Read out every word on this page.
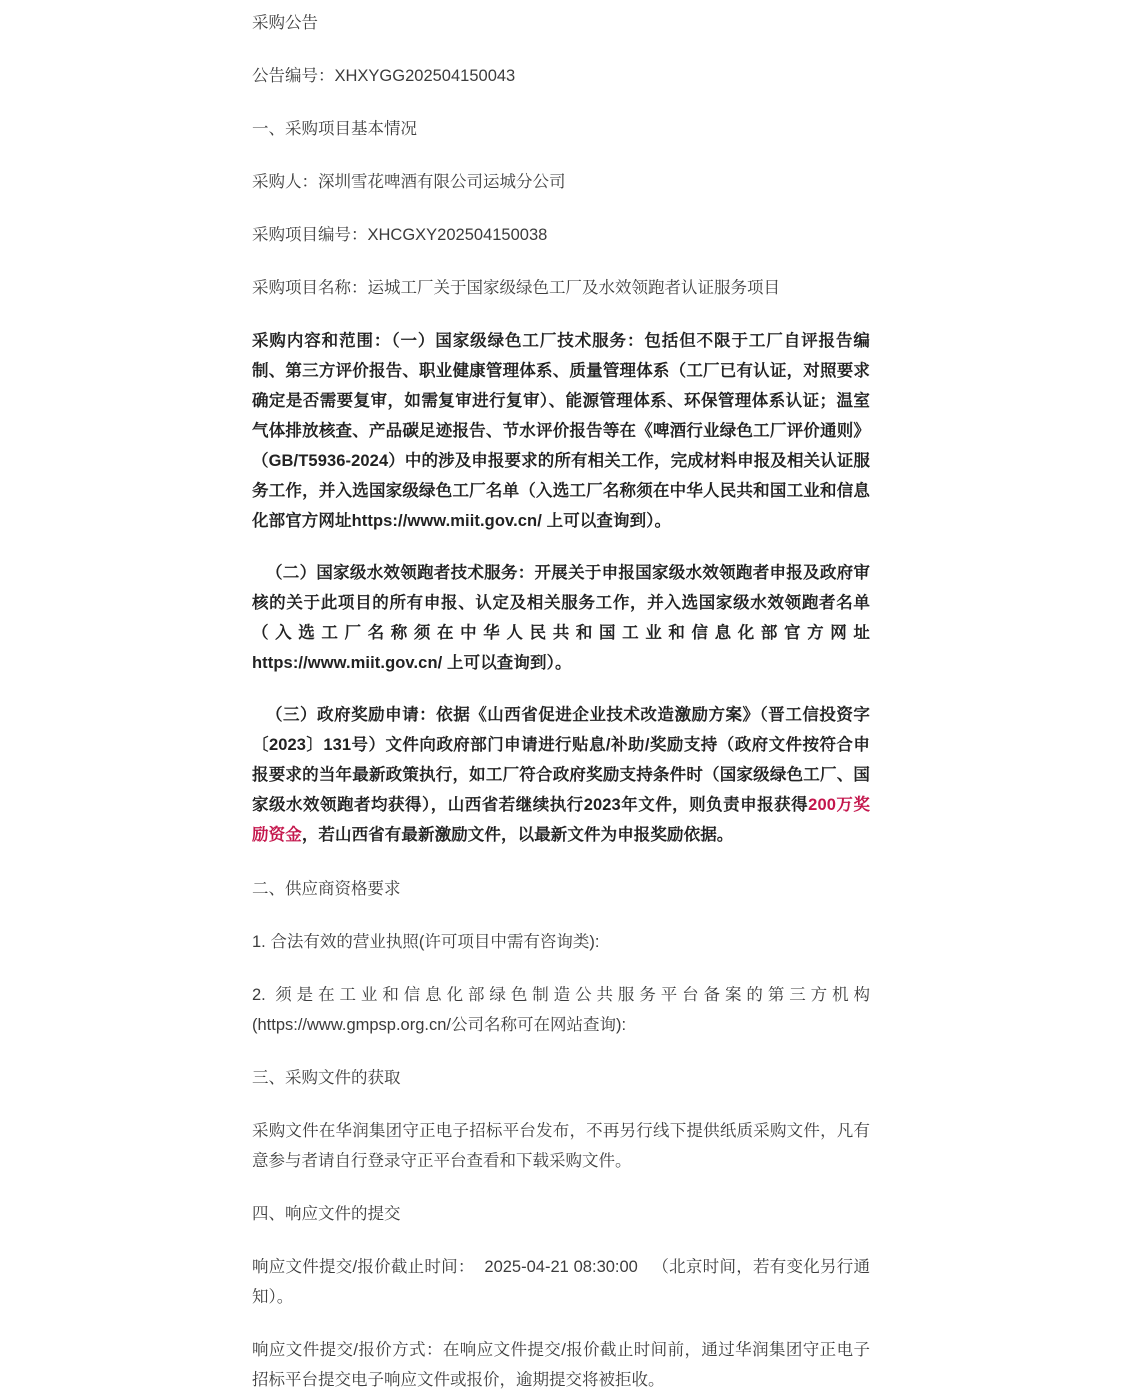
采购公告

公告编号：XHXYGG202504150043

一、采购项目基本情况

采购人：深圳雪花啤酒有限公司运城分公司

采购项目编号：XHCGXY202504150038

采购项目名称：运城工厂关于国家级绿色工厂及水效领跑者认证服务项目

采购内容和范围：（一）国家级绿色工厂技术服务：包括但不限于工厂自评报告编制、第三方评价报告、职业健康管理体系、质量管理体系（工厂已有认证，对照要求确定是否需要复审，如需复审进行复审）、能源管理体系、环保管理体系认证；温室气体排放核查、产品碳足迹报告、节水评价报告等在《啤酒行业绿色工厂评价通则》（GB/T5936-2024）中的涉及申报要求的所有相关工作，完成材料申报及相关认证服务工作，并入选国家级绿色工厂名单（入选工厂名称须在中华人民共和国工业和信息化部官方网址https://www.miit.gov.cn/ 上可以查询到）。

（二）国家级水效领跑者技术服务：开展关于申报国家级水效领跑者申报及政府审核的关于此项目的所有申报、认定及相关服务工作，并入选国家级水效领跑者名单（入选工厂名称须在中华人民共和国工业和信息化部官方网址https://www.miit.gov.cn/ 上可以查询到）。

（三）政府奖励申请：依据《山西省促进企业技术改造激励方案》（晋工信投资字〔2023〕131号）文件向政府部门申请进行贴息/补助/奖励支持（政府文件按符合申报要求的当年最新政策执行，如工厂符合政府奖励支持条件时（国家级绿色工厂、国家级水效领跑者均获得），山西省若继续执行2023年文件，则负责申报获得200万奖励资金，若山西省有最新激励文件，以最新文件为申报奖励依据。

二、供应商资格要求

1. 合法有效的营业执照(许可项目中需有咨询类):

2. 须是在工业和信息化部绿色制造公共服务平台备案的第三方机构
(https://www.gmpsp.org.cn/公司名称可在网站查询):

三、采购文件的获取

采购文件在华润集团守正电子招标平台发布，不再另行线下提供纸质采购文件，凡有意参与者请自行登录守正平台查看和下载采购文件。

四、响应文件的提交

响应文件提交/报价截止时间： 2025-04-21 08:30:00 （北京时间，若有变化另行通知）。

响应文件提交/报价方式：在响应文件提交/报价截止时间前，通过华润集团守正电子招标平台提交电子响应文件或报价，逾期提交将被拒收。
